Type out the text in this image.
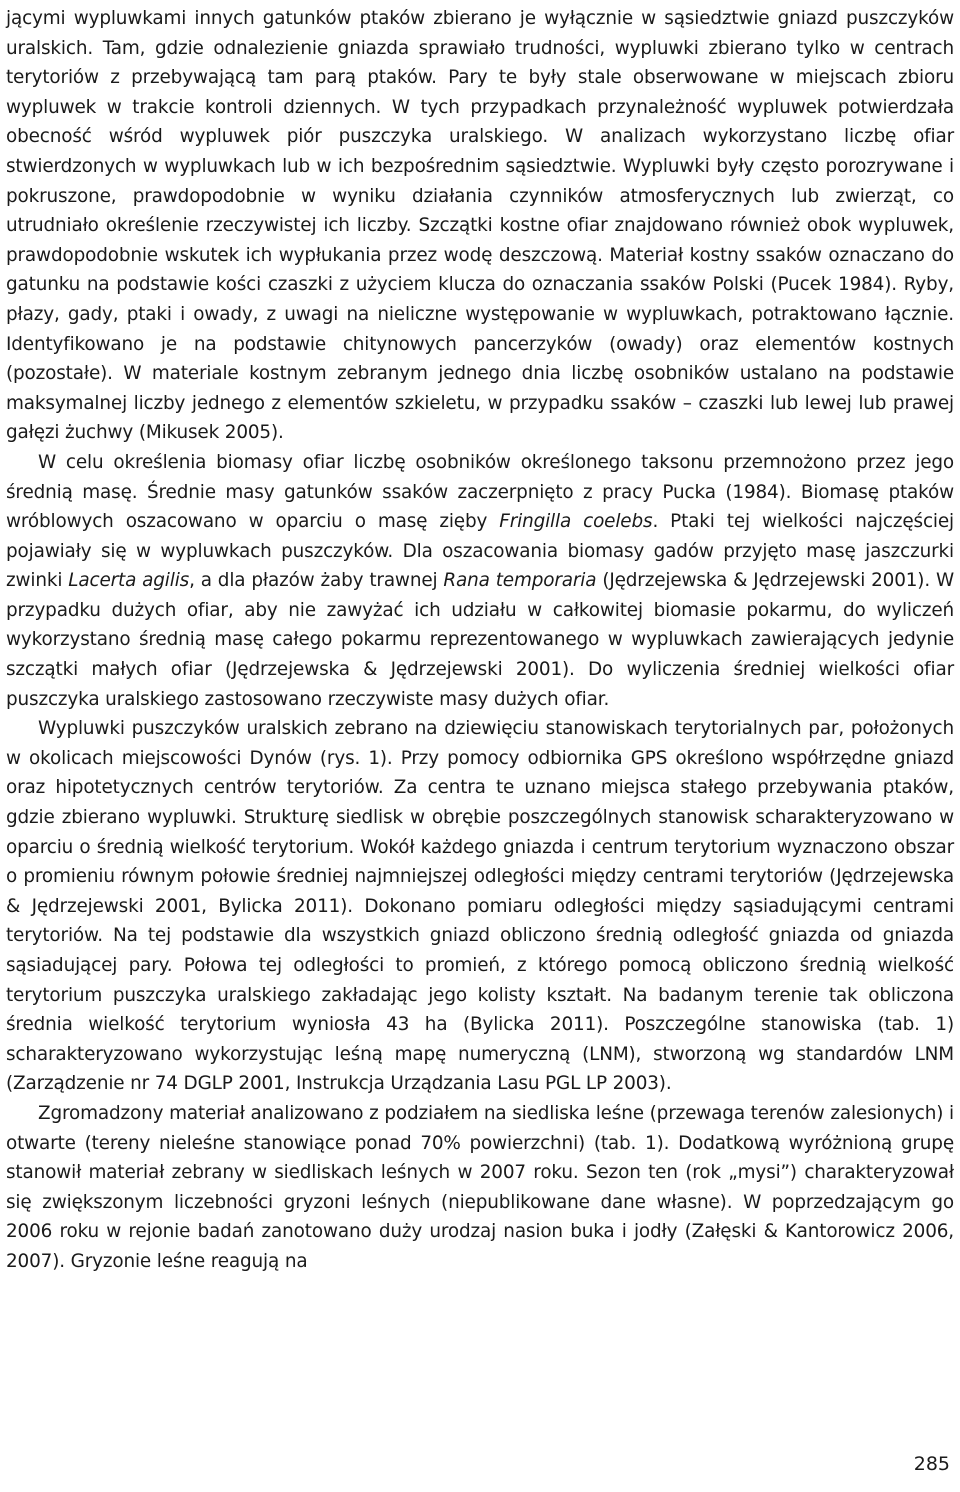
jącymi wypluwkami innych gatunków ptaków zbierano je wyłącznie w sąsiedztwie gniazd puszczyków uralskich. Tam, gdzie odnalezienie gniazda sprawiało trudności, wypluwki zbierano tylko w centrach terytoriów z przebywającą tam parą ptaków. Pary te były stale obserwowane w miejscach zbioru wypluwek w trakcie kontroli dziennych. W tych przypadkach przynależność wypluwek potwierdzała obecność wśród wypluwek piór puszczyka uralskiego. W analizach wykorzystano liczbę ofiar stwierdzonych w wypluwkach lub w ich bezpośrednim sąsiedztwie. Wypluwki były często porozrywane i pokruszone, prawdopodobnie w wyniku działania czynników atmosferycznych lub zwierząt, co utrudniało określenie rzeczywistej ich liczby. Szczątki kostne ofiar znajdowano również obok wypluwek, prawdopodobnie wskutek ich wypłukania przez wodę deszczową. Materiał kostny ssaków oznaczano do gatunku na podstawie kości czaszki z użyciem klucza do oznaczania ssaków Polski (Pucek 1984). Ryby, płazy, gady, ptaki i owady, z uwagi na nieliczne występowanie w wypluwkach, potraktowano łącznie. Identyfikowano je na podstawie chitynowych pancerzyków (owady) oraz elementów kostnych (pozostałe). W materiale kostnym zebranym jednego dnia liczbę osobników ustalano na podstawie maksymalnej liczby jednego z elementów szkieletu, w przypadku ssaków – czaszki lub lewej lub prawej gałęzi żuchwy (Mikusek 2005).

W celu określenia biomasy ofiar liczbę osobników określonego taksonu przemnożono przez jego średnią masę. Średnie masy gatunków ssaków zaczerpnięto z pracy Pucka (1984). Biomasę ptaków wróblowych oszacowano w oparciu o masę zięby Fringilla coelebs. Ptaki tej wielkości najczęściej pojawiały się w wypluwkach puszczyków. Dla oszacowania biomasy gadów przyjęto masę jaszczurki zwinki Lacerta agilis, a dla płazów żaby trawnej Rana temporaria (Jędrzejewska & Jędrzejewski 2001). W przypadku dużych ofiar, aby nie zawyżać ich udziału w całkowitej biomasie pokarmu, do wyliczeń wykorzystano średnią masę całego pokarmu reprezentowanego w wypluwkach zawierających jedynie szczątki małych ofiar (Jędrzejewska & Jędrzejewski 2001). Do wyliczenia średniej wielkości ofiar puszczyka uralskiego zastosowano rzeczywiste masy dużych ofiar.

Wypluwki puszczyków uralskich zebrano na dziewięciu stanowiskach terytorialnych par, położonych w okolicach miejscowości Dynów (rys. 1). Przy pomocy odbiornika GPS określono współrzędne gniazd oraz hipotetycznych centrów terytoriów. Za centra te uznano miejsca stałego przebywania ptaków, gdzie zbierano wypluwki. Strukturę siedlisk w obrębie poszczególnych stanowisk scharakteryzowano w oparciu o średnią wielkość terytorium. Wokół każdego gniazda i centrum terytorium wyznaczono obszar o promieniu równym połowie średniej najmniejszej odległości między centrami terytoriów (Jędrzejewska & Jędrzejewski 2001, Bylicka 2011). Dokonano pomiaru odległości między sąsiadującymi centrami terytoriów. Na tej podstawie dla wszystkich gniazd obliczono średnią odległość gniazda od gniazda sąsiadującej pary. Połowa tej odległości to promień, z którego pomocą obliczono średnią wielkość terytorium puszczyka uralskiego zakładając jego kolisty kształt. Na badanym terenie tak obliczona średnia wielkość terytorium wyniosła 43 ha (Bylicka 2011). Poszczególne stanowiska (tab. 1) scharakteryzowano wykorzystując leśną mapę numeryczną (LNM), stworzoną wg standardów LNM (Zarządzenie nr 74 DGLP 2001, Instrukcja Urządzania Lasu PGL LP 2003).

Zgromadzony materiał analizowano z podziałem na siedliska leśne (przewaga terenów zalesionych) i otwarte (tereny nieleśne stanowiące ponad 70% powierzchni) (tab. 1). Dodatkową wyróżnioną grupę stanowił materiał zebrany w siedliskach leśnych w 2007 roku. Sezon ten (rok „mysi”) charakteryzował się zwiększonym liczebności gryzoni leśnych (niepublikowane dane własne). W poprzedzającym go 2006 roku w rejonie badań zanotowano duży urodzaj nasion buka i jodły (Załęski & Kantorowicz 2006, 2007). Gryzonie leśne reagują na

285
